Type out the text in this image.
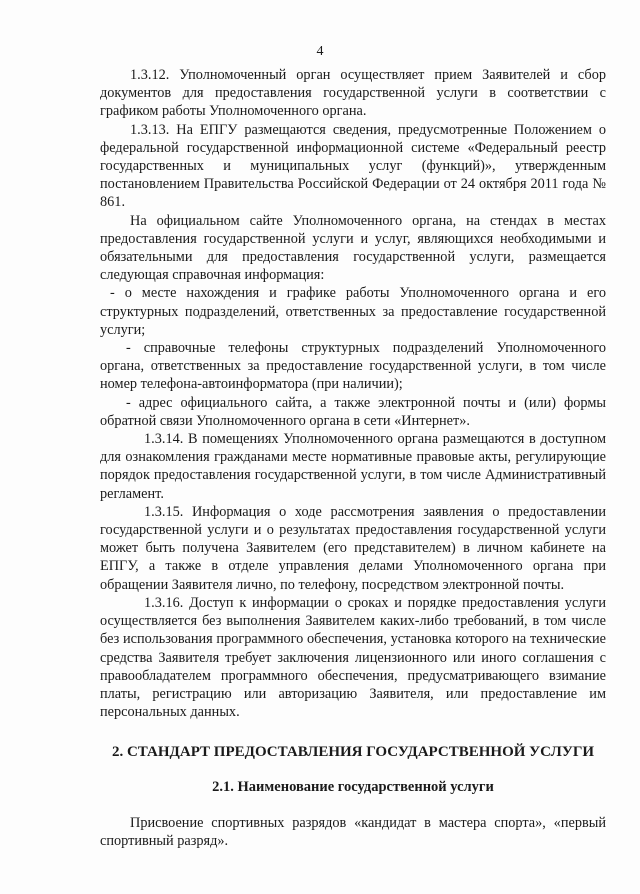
4

1.3.12. Уполномоченный орган осуществляет прием Заявителей и сбор документов для предоставления государственной услуги в соответствии с графиком работы Уполномоченного органа.

1.3.13. На ЕПГУ размещаются сведения, предусмотренные Положением о федеральной государственной информационной системе «Федеральный реестр государственных и муниципальных услуг (функций)», утвержденным постановлением Правительства Российской Федерации от 24 октября 2011 года № 861.

На официальном сайте Уполномоченного органа, на стендах в местах предоставления государственной услуги и услуг, являющихся необходимыми и обязательными для предоставления государственной услуги, размещается следующая справочная информация:

- о месте нахождения и графике работы Уполномоченного органа и его структурных подразделений, ответственных за предоставление государственной услуги;

- справочные телефоны структурных подразделений Уполномоченного органа, ответственных за предоставление государственной услуги, в том числе номер телефона-автоинформатора (при наличии);

- адрес официального сайта, а также электронной почты и (или) формы обратной связи Уполномоченного органа в сети «Интернет».

1.3.14. В помещениях Уполномоченного органа размещаются в доступном для ознакомления гражданами месте нормативные правовые акты, регулирующие порядок предоставления государственной услуги, в том числе Административный регламент.

1.3.15. Информация о ходе рассмотрения заявления о предоставлении государственной услуги и о результатах предоставления государственной услуги может быть получена Заявителем (его представителем) в личном кабинете на ЕПГУ, а также в отделе управления делами Уполномоченного органа при обращении Заявителя лично, по телефону, посредством электронной почты.

1.3.16. Доступ к информации о сроках и порядке предоставления услуги осуществляется без выполнения Заявителем каких-либо требований, в том числе без использования программного обеспечения, установка которого на технические средства Заявителя требует заключения лицензионного или иного соглашения с правообладателем программного обеспечения, предусматривающего взимание платы, регистрацию или авторизацию Заявителя, или предоставление им персональных данных.

2. СТАНДАРТ ПРЕДОСТАВЛЕНИЯ ГОСУДАРСТВЕННОЙ УСЛУГИ

2.1. Наименование государственной услуги

Присвоение спортивных разрядов «кандидат в мастера спорта», «первый спортивный разряд».
